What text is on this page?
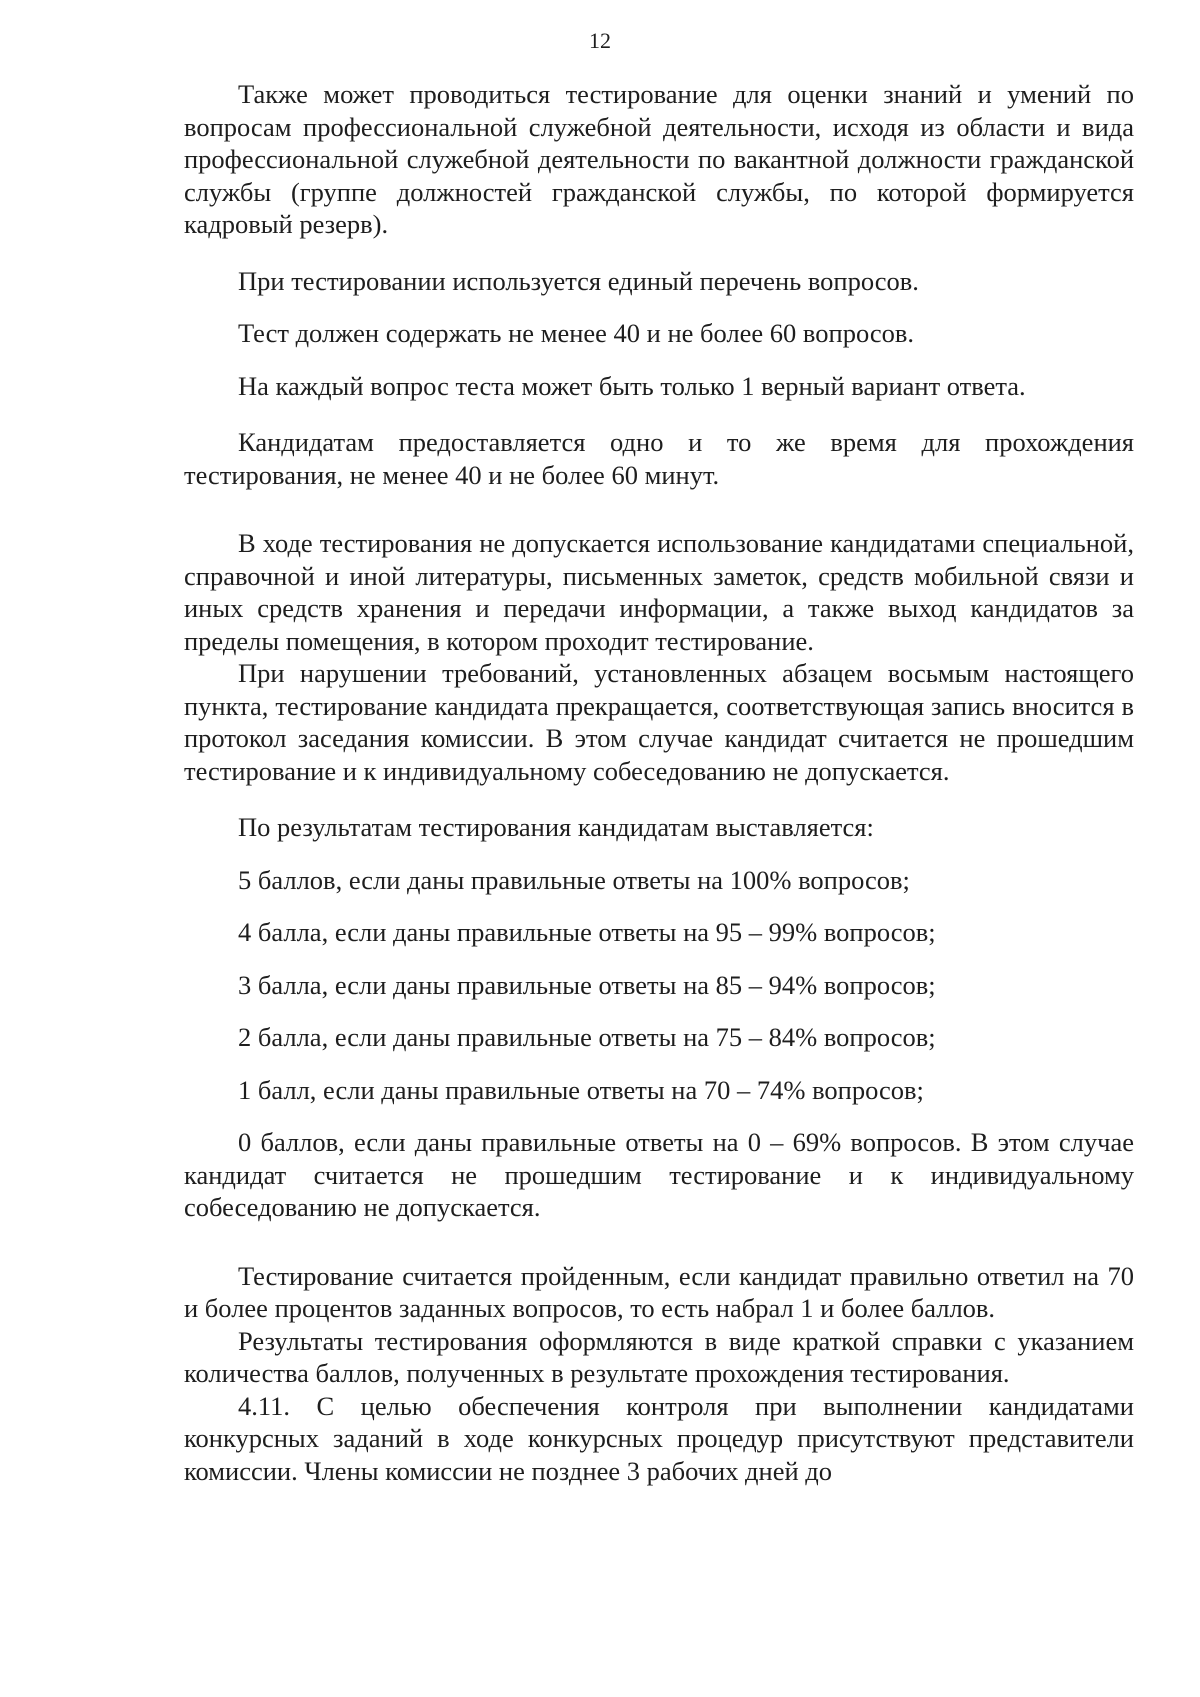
12

Также может проводиться тестирование для оценки знаний и умений по вопросам профессиональной служебной деятельности, исходя из области и вида профессиональной служебной деятельности по вакантной должности гражданской службы (группе должностей гражданской службы, по которой формируется кадровый резерв).

При тестировании используется единый перечень вопросов.

Тест должен содержать не менее 40 и не более 60 вопросов.

На каждый вопрос теста может быть только 1 верный вариант ответа.

Кандидатам предоставляется одно и то же время для прохождения тестирования, не менее 40 и не более 60 минут.

В ходе тестирования не допускается использование кандидатами специальной, справочной и иной литературы, письменных заметок, средств мобильной связи и иных средств хранения и передачи информации, а также выход кандидатов за пределы помещения, в котором проходит тестирование.

При нарушении требований, установленных абзацем восьмым настоящего пункта, тестирование кандидата прекращается, соответствующая запись вносится в протокол заседания комиссии. В этом случае кандидат считается не прошедшим тестирование и к индивидуальному собеседованию не допускается.

По результатам тестирования кандидатам выставляется:

5 баллов, если даны правильные ответы на 100% вопросов;

4 балла, если даны правильные ответы на 95 – 99% вопросов;

3 балла, если даны правильные ответы на 85 – 94% вопросов;

2 балла, если даны правильные ответы на 75 – 84% вопросов;

1 балл, если даны правильные ответы на 70 – 74% вопросов;

0 баллов, если даны правильные ответы на 0 – 69% вопросов. В этом случае кандидат считается не прошедшим тестирование и к индивидуальному собеседованию не допускается.

Тестирование считается пройденным, если кандидат правильно ответил на 70 и более процентов заданных вопросов, то есть набрал 1 и более баллов.

Результаты тестирования оформляются в виде краткой справки с указанием количества баллов, полученных в результате прохождения тестирования.

4.11. С целью обеспечения контроля при выполнении кандидатами конкурсных заданий в ходе конкурсных процедур присутствуют представители комиссии. Члены комиссии не позднее 3 рабочих дней до
